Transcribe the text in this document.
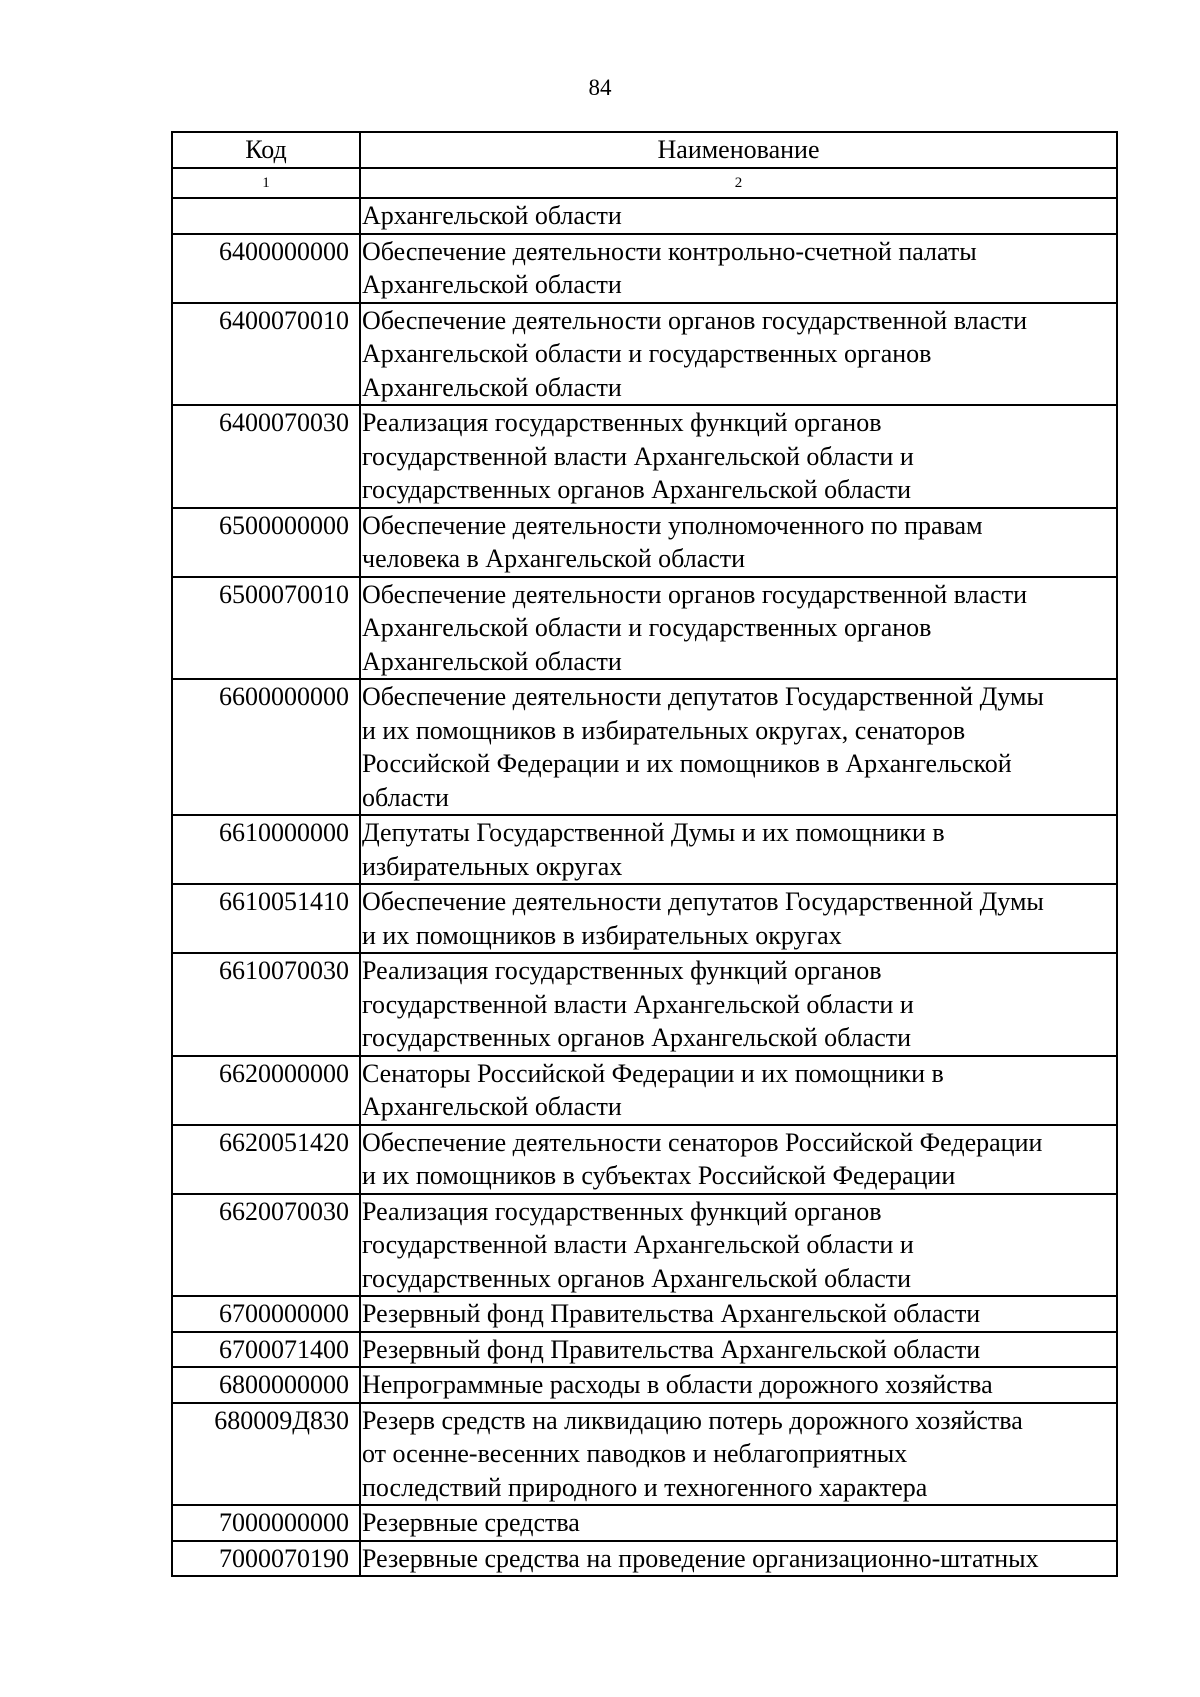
84
Код	Наименование
1	2
	Архангельской области
6400000000	Обеспечение деятельности контрольно-счетной палаты
Архангельской области
6400070010	Обеспечение деятельности органов государственной власти
Архангельской области и государственных органов
Архангельской области
6400070030	Реализация государственных функций органов
государственной власти Архангельской области и
государственных органов Архангельской области
6500000000	Обеспечение деятельности уполномоченного по правам
человека в Архангельской области
6500070010	Обеспечение деятельности органов государственной власти
Архангельской области и государственных органов
Архангельской области
6600000000	Обеспечение деятельности депутатов Государственной Думы
и их помощников в избирательных округах, сенаторов
Российской Федерации и их помощников в Архангельской
области
6610000000	Депутаты Государственной Думы и их помощники в
избирательных округах
6610051410	Обеспечение деятельности депутатов Государственной Думы
и их помощников в избирательных округах
6610070030	Реализация государственных функций органов
государственной власти Архангельской области и
государственных органов Архангельской области
6620000000	Сенаторы Российской Федерации и их помощники в
Архангельской области
6620051420	Обеспечение деятельности сенаторов Российской Федерации
и их помощников в субъектах Российской Федерации
6620070030	Реализация государственных функций органов
государственной власти Архангельской области и
государственных органов Архангельской области
6700000000	Резервный фонд Правительства Архангельской области
6700071400	Резервный фонд Правительства Архангельской области
6800000000	Непрограммные расходы в области дорожного хозяйства
680009Д830	Резерв средств на ликвидацию потерь дорожного хозяйства
от осенне-весенних паводков и неблагоприятных
последствий природного и техногенного характера
7000000000	Резервные средства
7000070190	Резервные средства на проведение организационно-штатных
